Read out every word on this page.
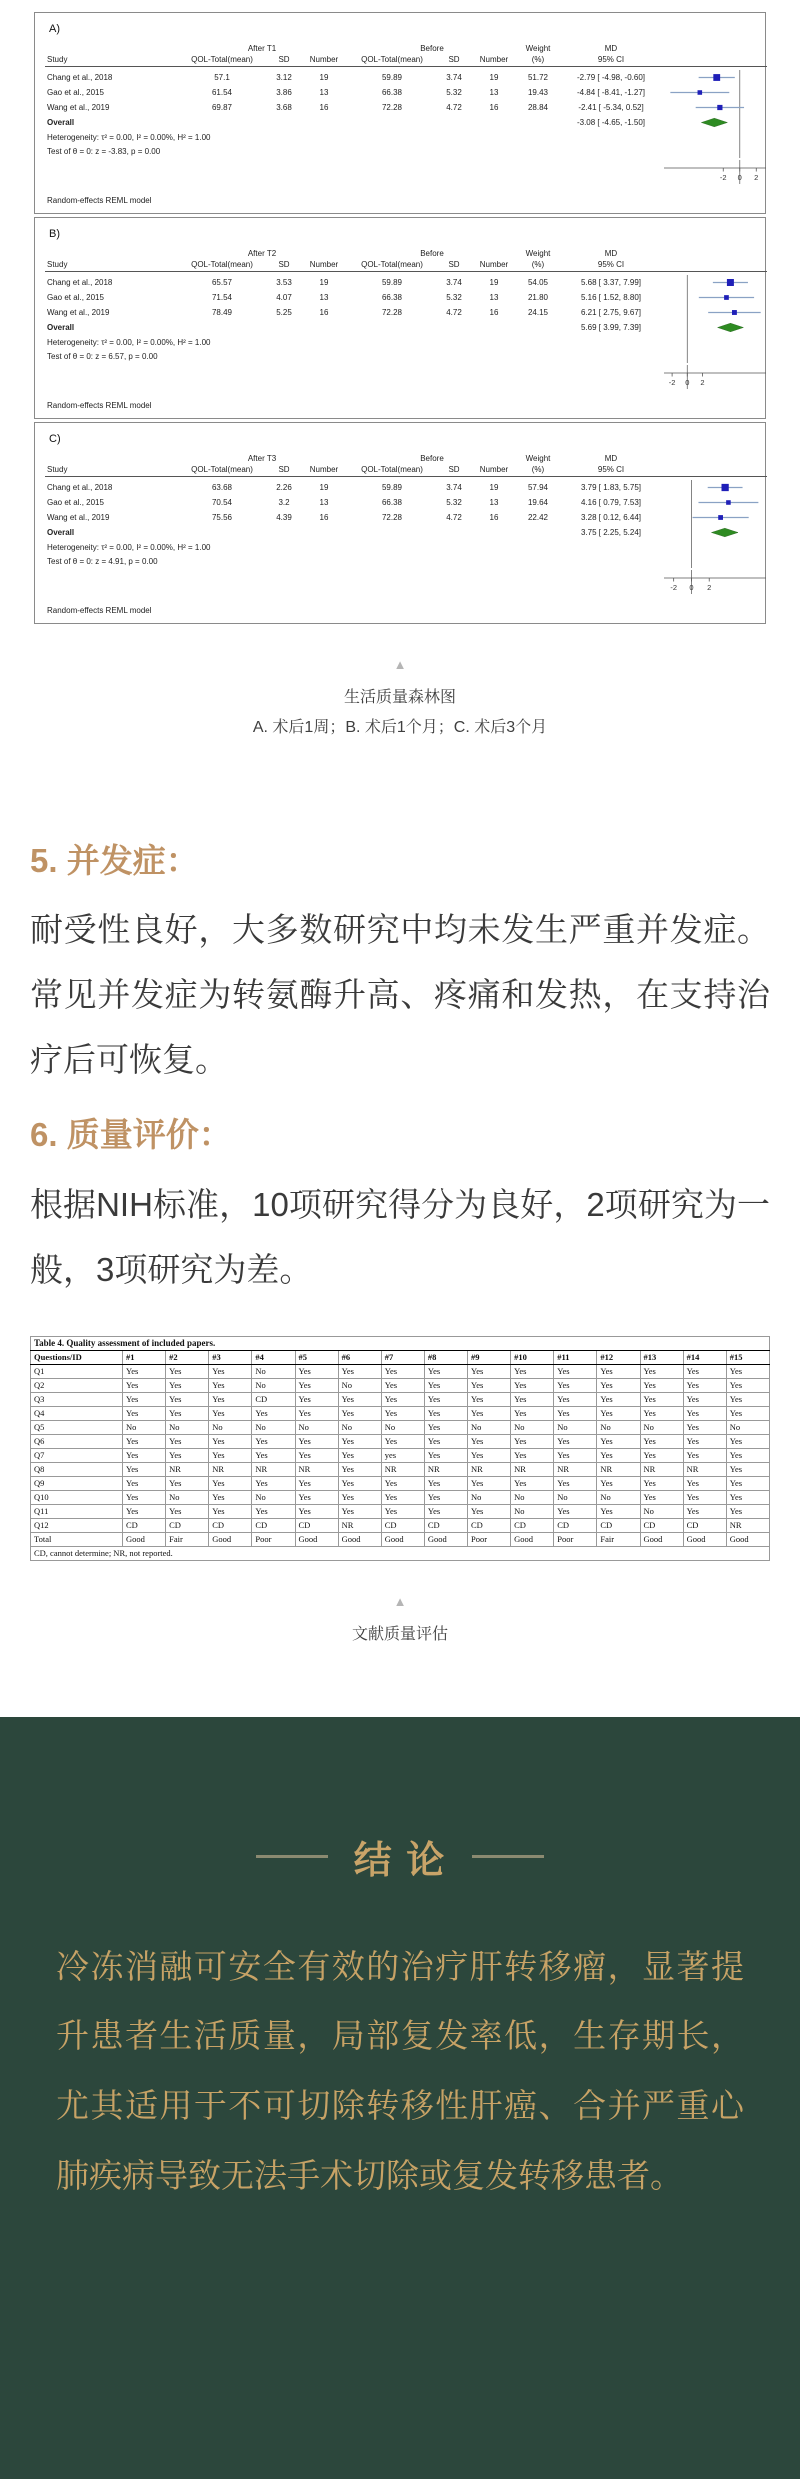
A)
After T1	Before	Weight	MD
Study	QOL-Total(mean)	SD	Number	QOL-Total(mean)	SD	Number	(%)	95% CI
Chang et al., 2018	57.1	3.12	19	59.89	3.74	19	51.72	-2.79 [ -4.98, -0.60]
Gao et al., 2015	61.54	3.86	13	66.38	5.32	13	19.43	-4.84 [ -8.41, -1.27]
Wang et al., 2019	69.87	3.68	16	72.28	4.72	16	28.84	-2.41 [ -5.34, 0.52]
Overall	-3.08 [ -4.65, -1.50]
Heterogeneity: τ² = 0.00, I² = 0.00%, H² = 1.00
Test of θ = 0: z = -3.83, p = 0.00
-2 0 2
Random-effects REML model
B)
After T2	Before	Weight	MD
Study	QOL-Total(mean)	SD	Number	QOL-Total(mean)	SD	Number	(%)	95% CI
Chang et al., 2018	65.57	3.53	19	59.89	3.74	19	54.05	5.68 [ 3.37, 7.99]
Gao et al., 2015	71.54	4.07	13	66.38	5.32	13	21.80	5.16 [ 1.52, 8.80]
Wang et al., 2019	78.49	5.25	16	72.28	4.72	16	24.15	6.21 [ 2.75, 9.67]
Overall	5.69 [ 3.99, 7.39]
Heterogeneity: τ² = 0.00, I² = 0.00%, H² = 1.00
Test of θ = 0: z = 6.57, p = 0.00
-2 0 2
Random-effects REML model
C)
After T3	Before	Weight	MD
Study	QOL-Total(mean)	SD	Number	QOL-Total(mean)	SD	Number	(%)	95% CI
Chang et al., 2018	63.68	2.26	19	59.89	3.74	19	57.94	3.79 [ 1.83, 5.75]
Gao et al., 2015	70.54	3.2	13	66.38	5.32	13	19.64	4.16 [ 0.79, 7.53]
Wang et al., 2019	75.56	4.39	16	72.28	4.72	16	22.42	3.28 [ 0.12, 6.44]
Overall	3.75 [ 2.25, 5.24]
Heterogeneity: τ² = 0.00, I² = 0.00%, H² = 1.00
Test of θ = 0: z = 4.91, p = 0.00
-2 0 2
Random-effects REML model
▲
生活质量森林图
A. 术后1周；B. 术后1个月；C. 术后3个月
5. 并发症：

耐受性良好，大多数研究中均未发生严重并发症。常见并发症为转氨酶升高、疼痛和发热，在支持治疗后可恢复。

6. 质量评价：

根据NIH标准，10项研究得分为良好，2项研究为一般，3项研究为差。

Table 4. Quality assessment of included papers.															
Questions/ID	#1	#2	#3	#4	#5	#6	#7	#8	#9	#10	#11	#12	#13	#14	#15
Q1	Yes	Yes	Yes	No	Yes	Yes	Yes	Yes	Yes	Yes	Yes	Yes	Yes	Yes	Yes
Q2	Yes	Yes	Yes	No	Yes	No	Yes	Yes	Yes	Yes	Yes	Yes	Yes	Yes	Yes
Q3	Yes	Yes	Yes	CD	Yes	Yes	Yes	Yes	Yes	Yes	Yes	Yes	Yes	Yes	Yes
Q4	Yes	Yes	Yes	Yes	Yes	Yes	Yes	Yes	Yes	Yes	Yes	Yes	Yes	Yes	Yes
Q5	No	No	No	No	No	No	No	Yes	No	No	No	No	No	Yes	No
Q6	Yes	Yes	Yes	Yes	Yes	Yes	Yes	Yes	Yes	Yes	Yes	Yes	Yes	Yes	Yes
Q7	Yes	Yes	Yes	Yes	Yes	Yes	yes	Yes	Yes	Yes	Yes	Yes	Yes	Yes	Yes
Q8	Yes	NR	NR	NR	NR	Yes	NR	NR	NR	NR	NR	NR	NR	NR	Yes
Q9	Yes	Yes	Yes	Yes	Yes	Yes	Yes	Yes	Yes	Yes	Yes	Yes	Yes	Yes	Yes
Q10	Yes	No	Yes	No	Yes	Yes	Yes	Yes	No	No	No	No	Yes	Yes	Yes
Q11	Yes	Yes	Yes	Yes	Yes	Yes	Yes	Yes	Yes	No	Yes	Yes	No	Yes	Yes
Q12	CD	CD	CD	CD	CD	NR	CD	CD	CD	CD	CD	CD	CD	CD	NR
Total	Good	Fair	Good	Poor	Good	Good	Good	Good	Poor	Good	Poor	Fair	Good	Good	Good
CD, cannot determine; NR, not reported.															
▲
文献质量评估
结 论

冷冻消融可安全有效的治疗肝转移瘤，显著提升患者生活质量，局部复发率低，生存期长，尤其适用于不可切除转移性肝癌、合并严重心肺疾病导致无法手术切除或复发转移患者。
